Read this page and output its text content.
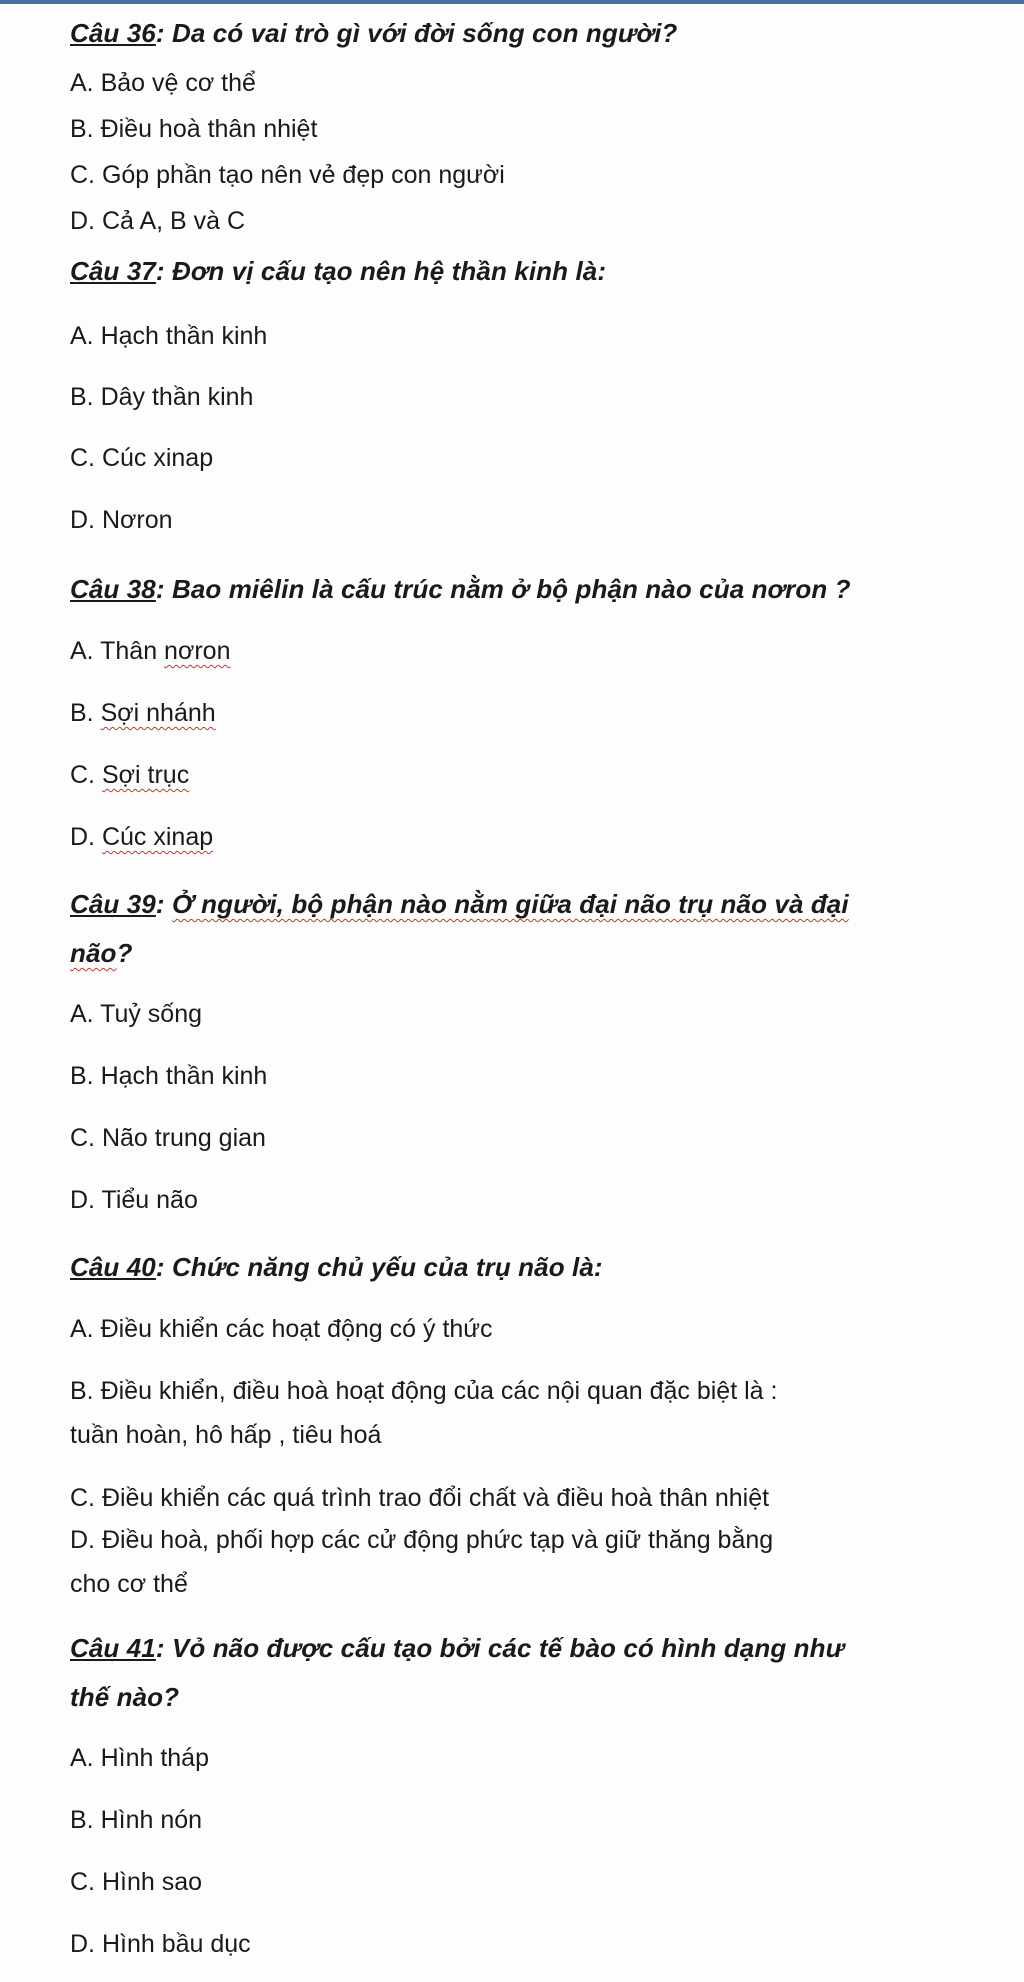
Câu 36: Da có vai trò gì với đời sống con người?

A. Bảo vệ cơ thể

B. Điều hoà thân nhiệt

C. Góp phần tạo nên vẻ đẹp con người

D. Cả A, B và C

Câu 37: Đơn vị cấu tạo nên hệ thần kinh là:

A. Hạch thần kinh

B. Dây thần kinh

C. Cúc xinap

D. Nơron

Câu 38: Bao miêlin là cấu trúc nằm ở bộ phận nào của nơron ?

A. Thân nơron

B. Sợi nhánh

C. Sợi trục

D. Cúc xinap

Câu 39: Ở người, bộ phận nào nằm giữa đại não trụ não và đại

não?

A. Tuỷ sống

B. Hạch thần kinh

C. Não trung gian

D. Tiểu não

Câu 40: Chức năng chủ yếu của trụ não là:

A. Điều khiển các hoạt động có ý thức

B. Điều khiển, điều hoà hoạt động của các nội quan đặc biệt là :

tuần hoàn, hô hấp , tiêu hoá

C. Điều khiển các quá trình trao đổi chất và điều hoà thân nhiệt

D. Điều hoà, phối hợp các cử động phức tạp và giữ thăng bằng

cho cơ thể

Câu 41: Vỏ não được cấu tạo bởi các tế bào có hình dạng như

thế nào?

A. Hình tháp

B. Hình nón

C. Hình sao

D. Hình bầu dục
